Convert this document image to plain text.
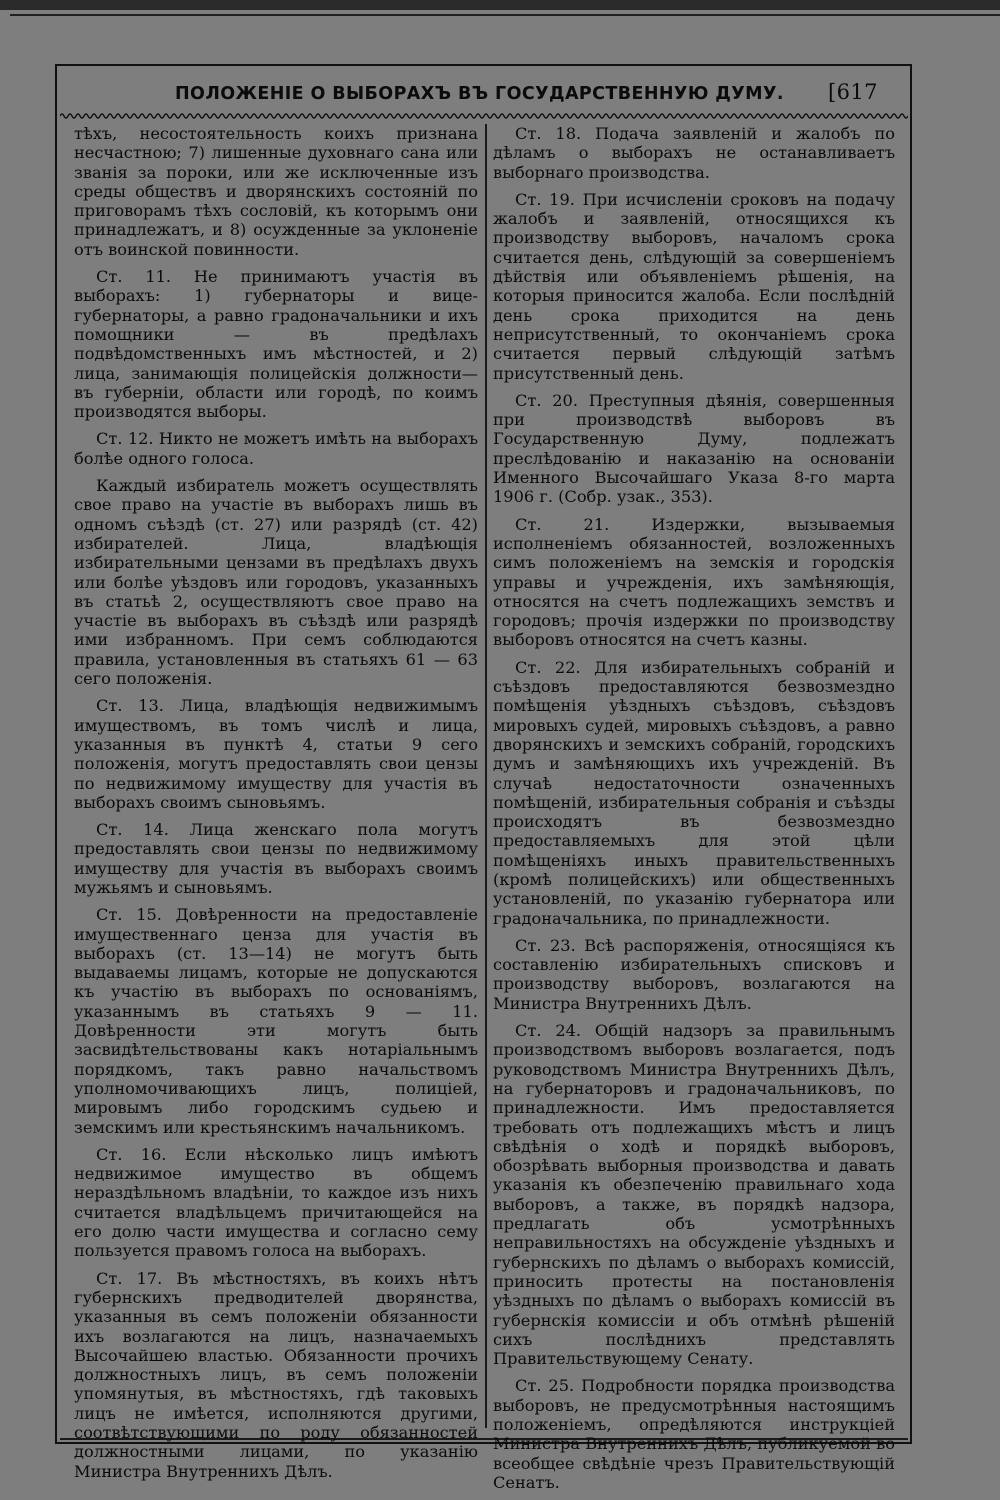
ПОЛОЖЕНІЕ О ВЫБОРАХЪ ВЪ ГОСУДАРСТВЕННУЮ ДУМУ. [617

тѣхъ, несостоятельность коихъ признана несчастною; 7) лишенные духовнаго сана или званія за пороки, или же исключенные изъ среды обществъ и дворянскихъ состояній по приговорамъ тѣхъ сословій, къ которымъ они принадлежатъ, и 8) осужденные за уклоненіе отъ воинской повинности.

Ст. 11. Не принимаютъ участія въ выборахъ: 1) губернаторы и вице-губернаторы, а равно градоначальники и ихъ помощники — въ предѣлахъ подвѣдомственныхъ имъ мѣстностей, и 2) лица, занимающія полицейскія должности—въ губерніи, области или городѣ, по коимъ производятся выборы.

Ст. 12. Никто не можетъ имѣть на выборахъ болѣе одного голоса.

Каждый избиратель можетъ осуществлять свое право на участіе въ выборахъ лишь въ одномъ съѣздѣ (ст. 27) или разрядѣ (ст. 42) избирателей. Лица, владѣющія избирательными цензами въ предѣлахъ двухъ или болѣе уѣздовъ или городовъ, указанныхъ въ статьѣ 2, осуществляютъ свое право на участіе въ выборахъ въ съѣздѣ или разрядѣ ими избранномъ. При семъ соблюдаются правила, установленныя въ статьяхъ 61 — 63 сего положенія.

Ст. 13. Лица, владѣющія недвижимымъ имуществомъ, въ томъ числѣ и лица, указанныя въ пунктѣ 4, статьи 9 сего положенія, могутъ предоставлять свои цензы по недвижимому имуществу для участія въ выборахъ своимъ сыновьямъ.

Ст. 14. Лица женскаго пола могутъ предоставлять свои цензы по недвижимому имуществу для участія въ выборахъ своимъ мужьямъ и сыновьямъ.

Ст. 15. Довѣренности на предоставленіе имущественнаго ценза для участія въ выборахъ (ст. 13—14) не могутъ быть выдаваемы лицамъ, которые не допускаются къ участію въ выборахъ по основаніямъ, указаннымъ въ статьяхъ 9 — 11. Довѣренности эти могутъ быть засвидѣтельствованы какъ нотаріальнымъ порядкомъ, такъ равно начальствомъ уполномочивающихъ лицъ, полиціей, мировымъ либо городскимъ судьею и земскимъ или крестьянскимъ начальникомъ.

Ст. 16. Если нѣсколько лицъ имѣютъ недвижимое имущество въ общемъ нераздѣльномъ владѣніи, то каждое изъ нихъ считается владѣльцемъ причитающейся на его долю части имущества и согласно сему пользуется правомъ голоса на выборахъ.

Ст. 17. Въ мѣстностяхъ, въ коихъ нѣтъ губернскихъ предводителей дворянства, указанныя въ семъ положеніи обязанности ихъ возлагаются на лицъ, назначаемыхъ Высочайшею властью. Обязанности прочихъ должностныхъ лицъ, въ семъ положеніи упомянутыя, въ мѣстностяхъ, гдѣ таковыхъ лицъ не имѣется, исполняются другими, соотвѣтствующими по роду обязанностей должностными лицами, по указанію Министра Внутреннихъ Дѣлъ.

Ст. 18. Подача заявленій и жалобъ по дѣламъ о выборахъ не останавливаетъ выборнаго производства.

Ст. 19. При исчисленіи сроковъ на подачу жалобъ и заявленій, относящихся къ производству выборовъ, началомъ срока считается день, слѣдующій за совершеніемъ дѣйствія или объявленіемъ рѣшенія, на которыя приносится жалоба. Если послѣдній день срока приходится на день неприсутственный, то окончаніемъ срока считается первый слѣдующій затѣмъ присутственный день.

Ст. 20. Преступныя дѣянія, совершенныя при производствѣ выборовъ въ Государственную Думу, подлежатъ преслѣдованію и наказанію на основаніи Именного Высочайшаго Указа 8-го марта 1906 г. (Собр. узак., 353).

Ст. 21. Издержки, вызываемыя исполненіемъ обязанностей, возложенныхъ симъ положеніемъ на земскія и городскія управы и учрежденія, ихъ замѣняющія, относятся на счетъ подлежащихъ земствъ и городовъ; прочія издержки по производству выборовъ относятся на счетъ казны.

Ст. 22. Для избирательныхъ собраній и съѣздовъ предоставляются безвозмездно помѣщенія уѣздныхъ съѣздовъ, съѣздовъ мировыхъ судей, мировыхъ съѣздовъ, а равно дворянскихъ и земскихъ собраній, городскихъ думъ и замѣняющихъ ихъ учрежденій. Въ случаѣ недостаточности означенныхъ помѣщеній, избирательныя собранія и съѣзды происходятъ въ безвозмездно предоставляемыхъ для этой цѣли помѣщеніяхъ иныхъ правительственныхъ (кромѣ полицейскихъ) или общественныхъ установленій, по указанію губернатора или градоначальника, по принадлежности.

Ст. 23. Всѣ распоряженія, относящіяся къ составленію избирательныхъ списковъ и производству выборовъ, возлагаются на Министра Внутреннихъ Дѣлъ.

Ст. 24. Общій надзоръ за правильнымъ производствомъ выборовъ возлагается, подъ руководствомъ Министра Внутреннихъ Дѣлъ, на губернаторовъ и градоначальниковъ, по принадлежности. Имъ предоставляется требовать отъ подлежащихъ мѣстъ и лицъ свѣдѣнія о ходѣ и порядкѣ выборовъ, обозрѣвать выборныя производства и давать указанія къ обезпеченію правильнаго хода выборовъ, а также, въ порядкѣ надзора, предлагать объ усмотрѣнныхъ неправильностяхъ на обсужденіе уѣздныхъ и губернскихъ по дѣламъ о выборахъ комиссій, приносить протесты на постановленія уѣздныхъ по дѣламъ о выборахъ комиссій въ губернскія комиссіи и объ отмѣнѣ рѣшеній сихъ послѣднихъ представлять Правительствующему Сенату.

Ст. 25. Подробности порядка производства выборовъ, не предусмотрѣнныя настоящимъ положеніемъ, опредѣляются инструкціей Министра Внутреннихъ Дѣлъ, публикуемой во всеобщее свѣдѣніе чрезъ Правительствующій Сенатъ.
